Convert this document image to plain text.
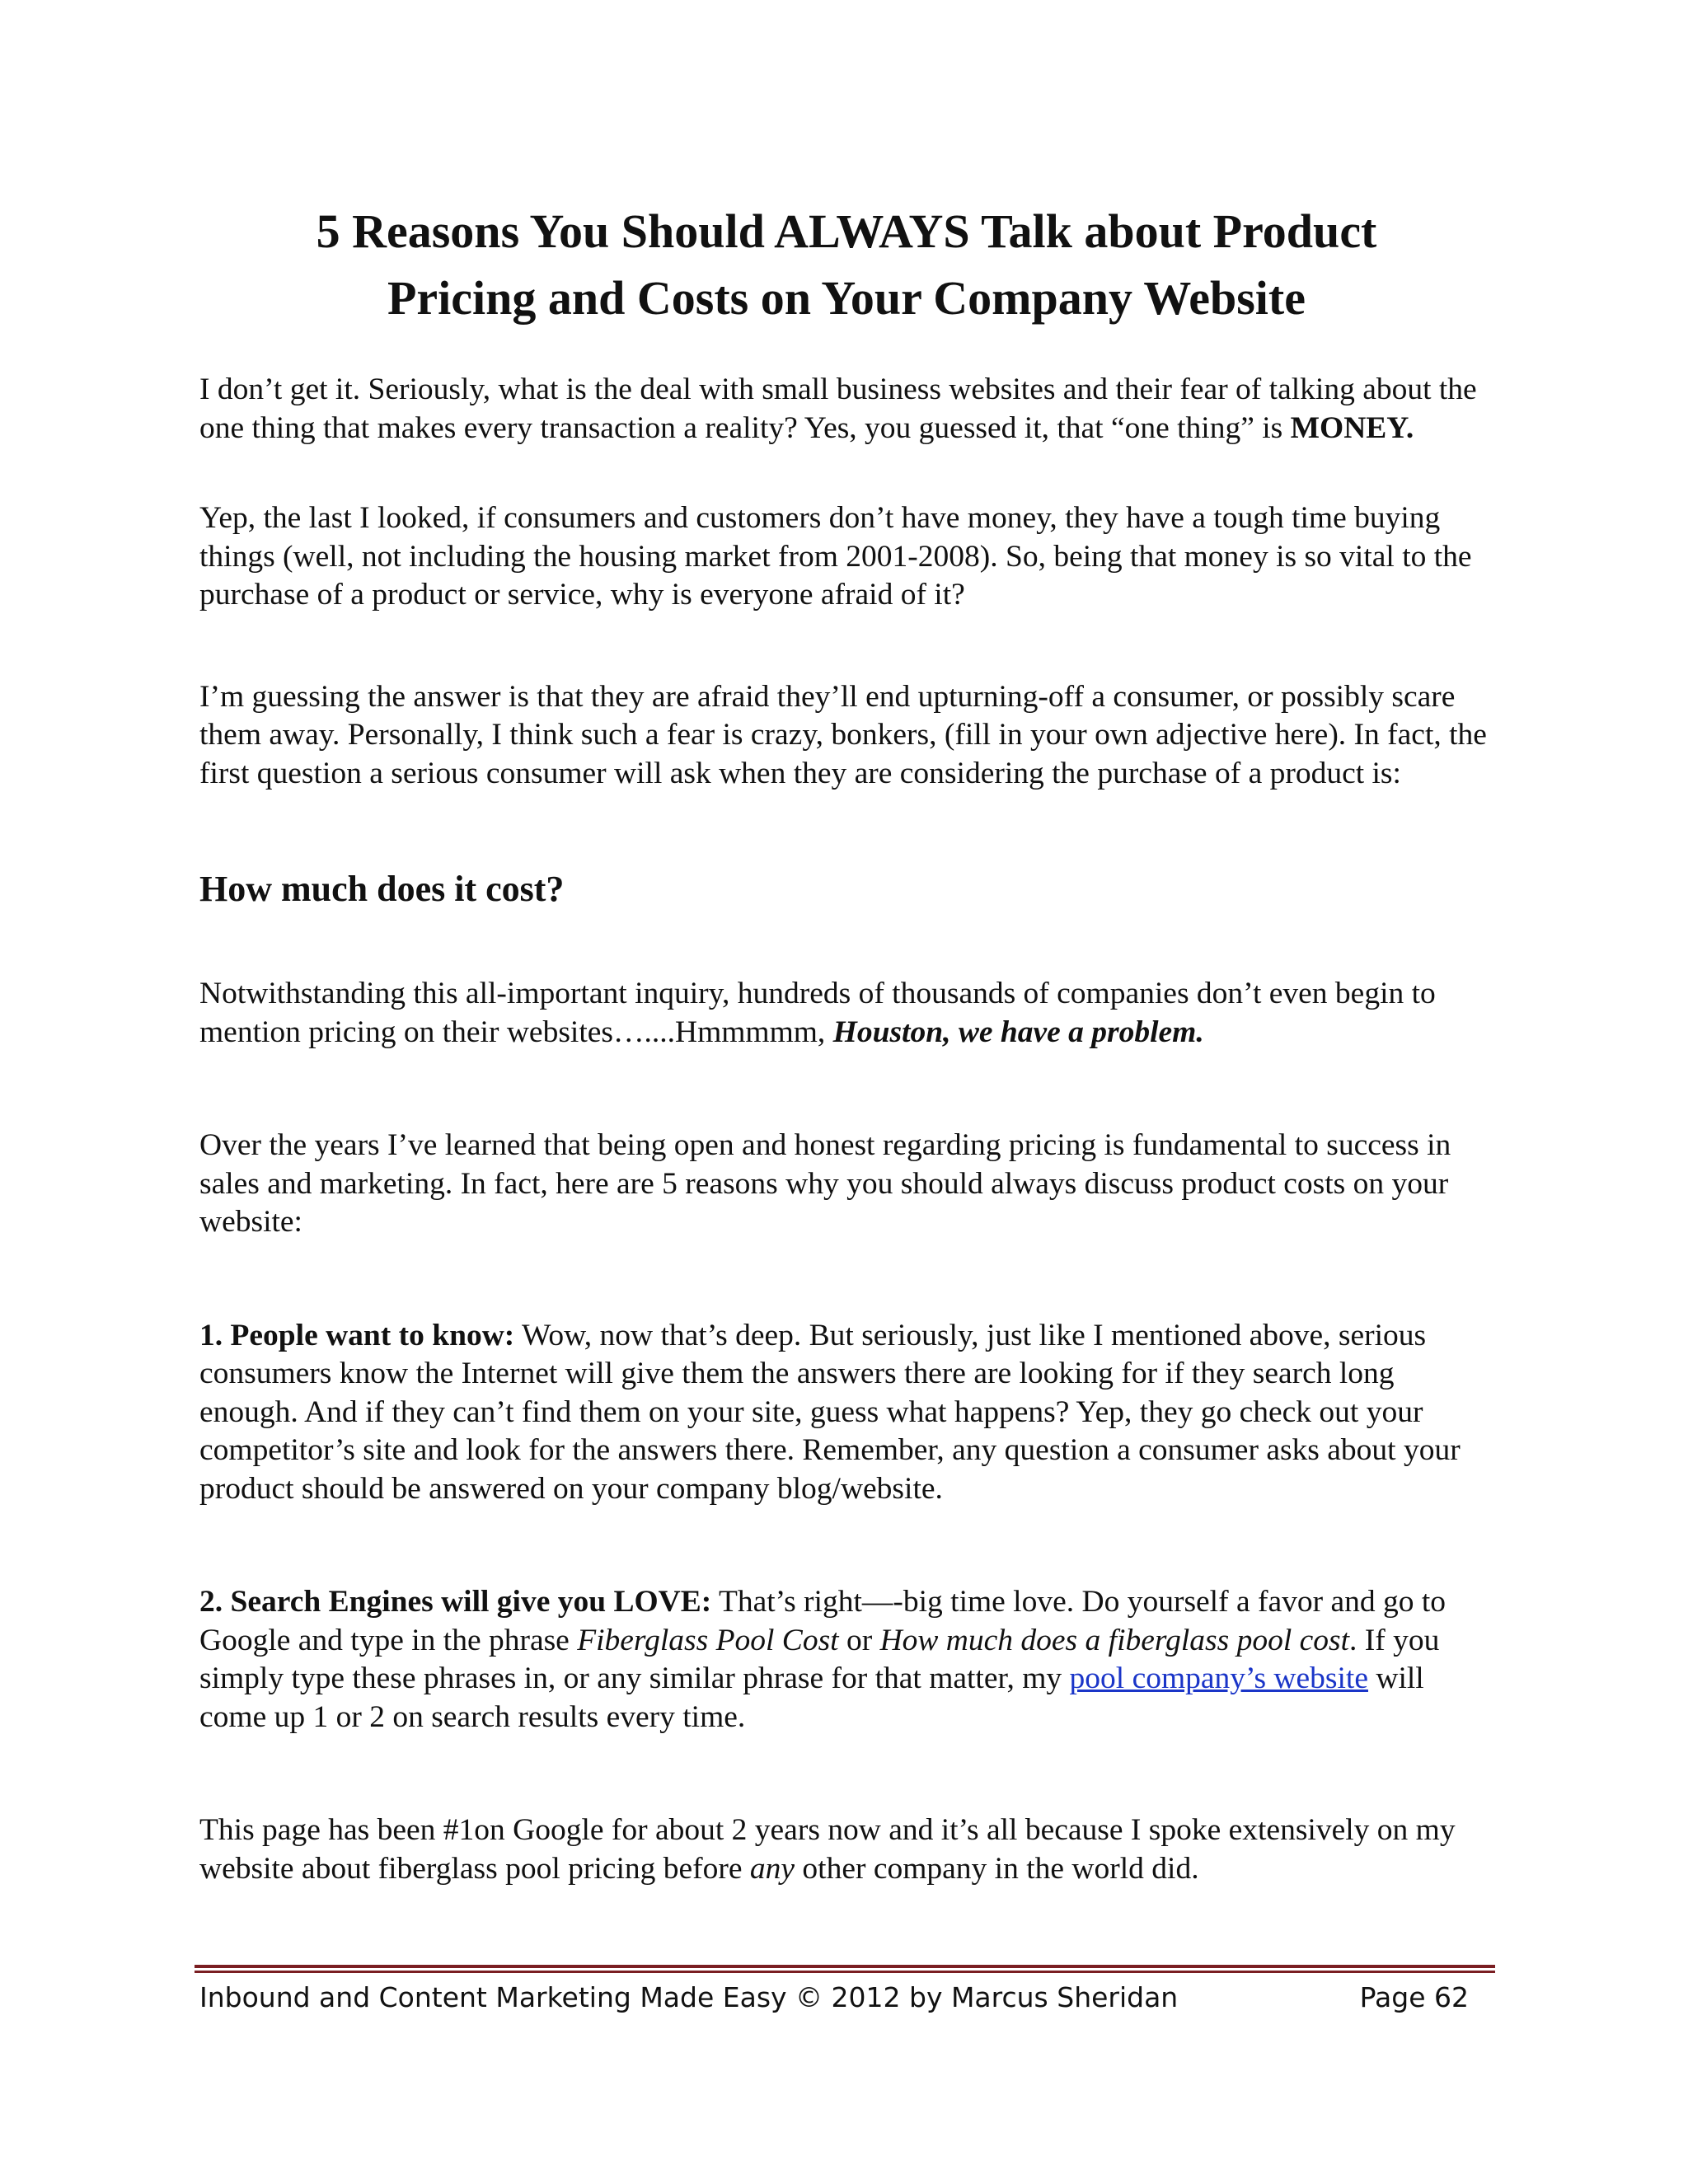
5 Reasons You Should ALWAYS Talk about Product
Pricing and Costs on Your Company Website

I don’t get it. Seriously, what is the deal with small business websites and their fear of talking about the one thing that makes every transaction a reality? Yes, you guessed it, that “one thing” is MONEY.

Yep, the last I looked, if consumers and customers don’t have money, they have a tough time buying things (well, not including the housing market from 2001-2008). So, being that money is so vital to the purchase of a product or service, why is everyone afraid of it?

I’m guessing the answer is that they are afraid they’ll end upturning-off a consumer, or possibly scare them away. Personally, I think such a fear is crazy, bonkers, (fill in your own adjective here). In fact, the first question a serious consumer will ask when they are considering the purchase of a product is:

How much does it cost?

Notwithstanding this all-important inquiry, hundreds of thousands of companies don’t even begin to mention pricing on their websites…....Hmmmmm, Houston, we have a problem.

Over the years I’ve learned that being open and honest regarding pricing is fundamental to success in sales and marketing. In fact, here are 5 reasons why you should always discuss product costs on your website:

1. People want to know: Wow, now that’s deep. But seriously, just like I mentioned above, serious consumers know the Internet will give them the answers there are looking for if they search long enough. And if they can’t find them on your site, guess what happens? Yep, they go check out your competitor’s site and look for the answers there. Remember, any question a consumer asks about your product should be answered on your company blog/website.

2. Search Engines will give you LOVE: That’s right—-big time love. Do yourself a favor and go to Google and type in the phrase Fiberglass Pool Cost or How much does a fiberglass pool cost. If you simply type these phrases in, or any similar phrase for that matter, my pool company’s website will come up 1 or 2 on search results every time.

This page has been #1on Google for about 2 years now and it’s all because I spoke extensively on my website about fiberglass pool pricing before any other company in the world did.

Inbound and Content Marketing Made Easy © 2012 by Marcus Sheridan	Page 62
